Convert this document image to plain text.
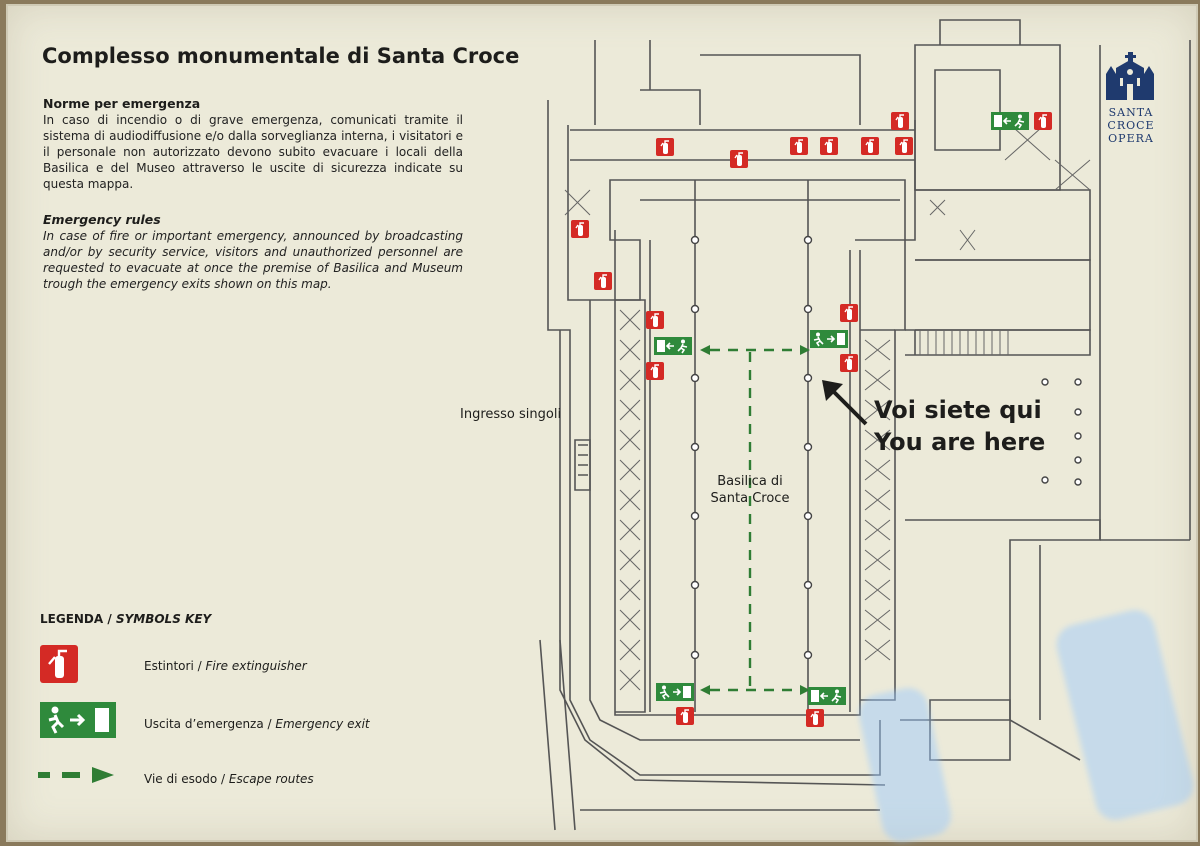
Complesso monumentale di Santa Croce
Norme per emergenza
In caso di incendio o di grave emergenza, comunicati tramite il sistema di audiodiffusione e/o dalla sorveglianza interna, i visitatori e il personale non autorizzato devono subito evacuare i locali della Basilica e del Museo attraverso le uscite di sicurezza indicate su questa mappa.
Emergency rules
In case of fire or important emergency, announced by broadcasting and/or by security service, visitors and unauthorized personnel are requested to evacuate at once the premise of Basilica and Museum trough the emergency exits shown on this map.
LEGENDA / SYMBOLS KEY
Estintori / Fire extinguisher
Uscita d’emergenza / Emergency exit
Vie di esodo / Escape routes
Ingresso singoli
Basilica di
Santa Croce
Voi siete qui
You are here
SANTA
CROCE
OPERA
